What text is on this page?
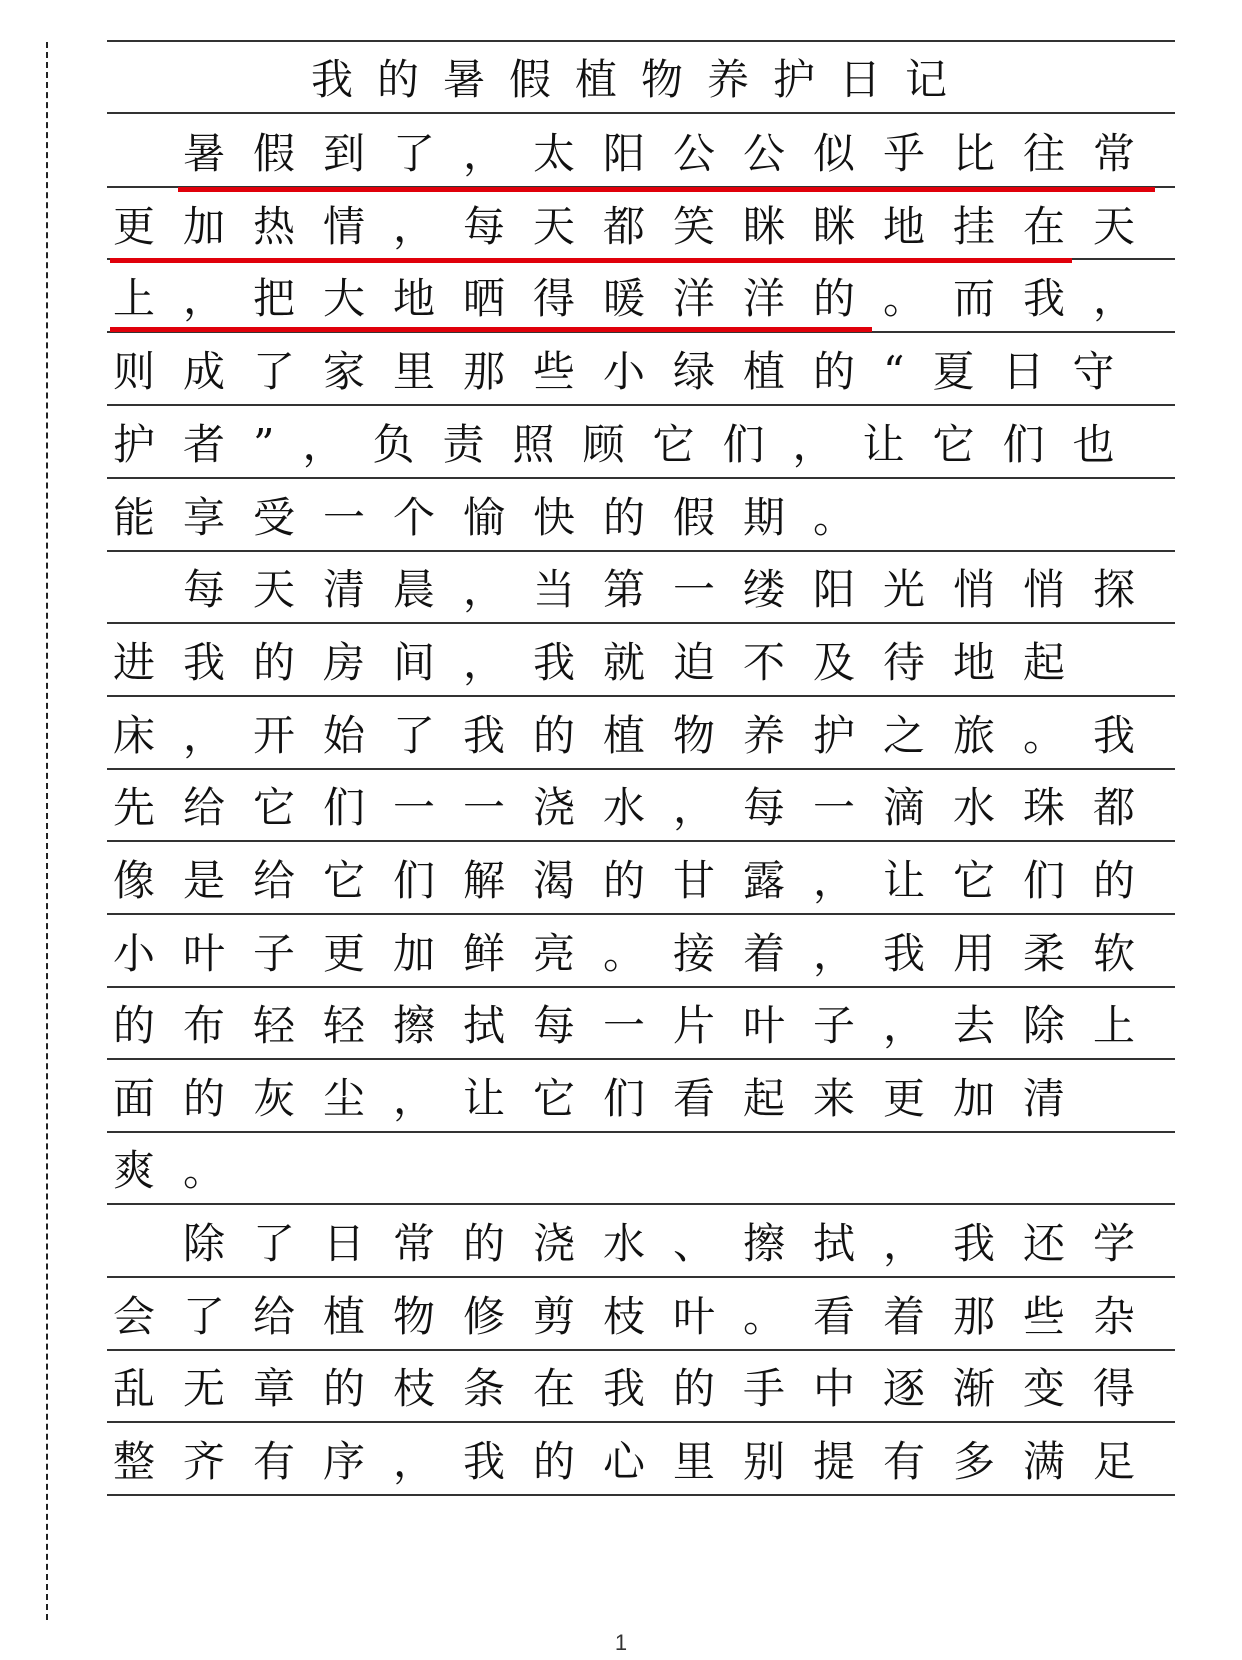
我的暑假植物养护日记
暑假到了，太阳公公似乎比往常
更加热情，每天都笑眯眯地挂在天
上，把大地晒得暖洋洋的。而我，
则成了家里那些小绿植的“夏日守
护者”，负责照顾它们，让它们也
能享受一个愉快的假期。
每天清晨，当第一缕阳光悄悄探
进我的房间，我就迫不及待地起
床，开始了我的植物养护之旅。我
先给它们一一浇水，每一滴水珠都
像是给它们解渴的甘露，让它们的
小叶子更加鲜亮。接着，我用柔软
的布轻轻擦拭每一片叶子，去除上
面的灰尘，让它们看起来更加清
爽。
除了日常的浇水、擦拭，我还学
会了给植物修剪枝叶。看着那些杂
乱无章的枝条在我的手中逐渐变得
整齐有序，我的心里别提有多满足
1
